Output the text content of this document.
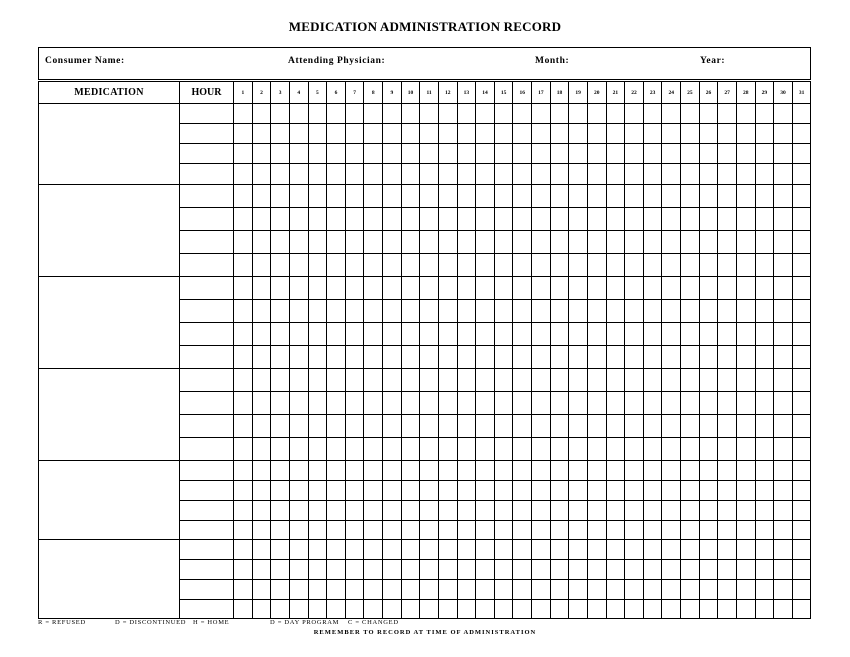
MEDICATION ADMINISTRATION RECORD
Consumer Name:	Attending Physician:	Month:	Year:
MEDICATION	HOUR	1	2	3	4	5	6	7	8	9	10	11	12	13	14	15	16	17	18	19	20	21	22	23	24	25	26	27	28	29	30	31

R = REFUSED	D = DISCONTINUED H = HOME	D = DAY PROGRAM C = CHANGED
REMEMBER TO RECORD AT TIME OF ADMINISTRATION
